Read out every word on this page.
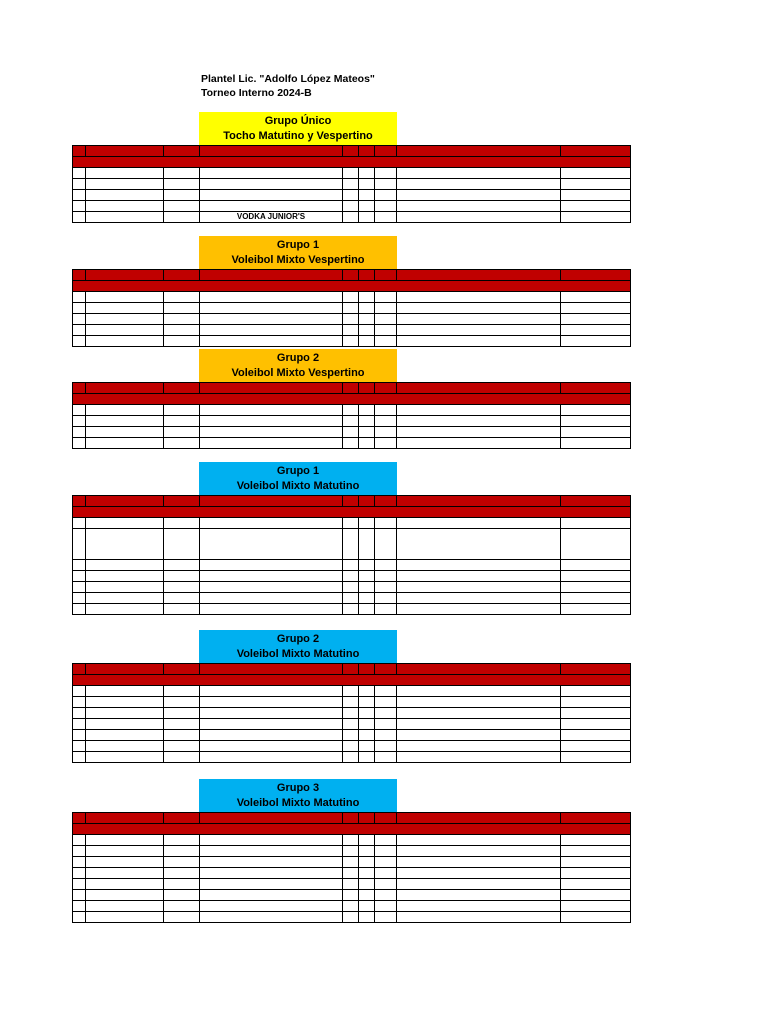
Plantel Lic. "Adolfo López Mateos"
Torneo Interno 2024-B
Grupo Único
Tocho Matutino y Vespertino

			VODKA JUNIOR'S					
Grupo 1
Voleibol Mixto Vespertino

Grupo 2
Voleibol Mixto Vespertino

Grupo 1
Voleibol Mixto Matutino

Grupo 2
Voleibol Mixto Matutino

Grupo 3
Voleibol Mixto Matutino
